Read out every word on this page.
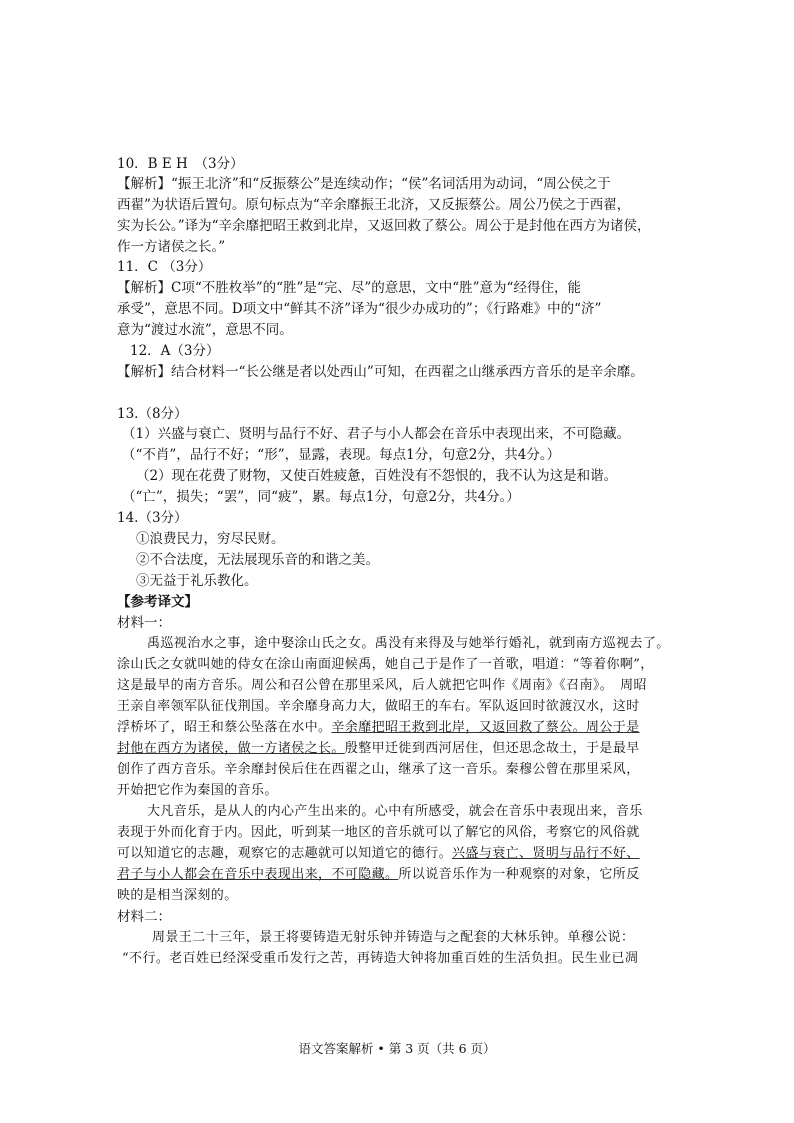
10．B E H　（3分）
【解析】“振王北济”和“反振蔡公”是连续动作；“侯”名词活用为动词，“周公侯之于
西翟”为状语后置句。原句标点为“辛余靡振王北济，又反振蔡公。周公乃侯之于西翟，
实为长公。”译为“辛余靡把昭王救到北岸，又返回救了蔡公。周公于是封他在西方为诸侯，
作一方诸侯之长。”
11．C （3分）
【解析】C项“不胜枚举”的“胜”是“完、尽”的意思，文中“胜”意为“经得住，能
承受”，意思不同。D项文中“鲜其不济”译为“很少办成功的”；《行路难》中的“济”
意为“渡过水流”，意思不同。
12．A（3分）
【解析】结合材料一“长公继是者以处西山”可知，在西翟之山继承西方音乐的是辛余靡。
13.（8分）
（1）兴盛与衰亡、贤明与品行不好、君子与小人都会在音乐中表现出来，不可隐藏。
（“不肖”，品行不好；“形”，显露，表现。每点1分，句意2分，共4分。）
（2）现在花费了财物，又使百姓疲惫，百姓没有不怨恨的，我不认为这是和谐。
（“亡”，损失；“罢”，同“疲”，累。每点1分，句意2分，共4分。）
14.（3分）
①浪费民力，穷尽民财。
②不合法度，无法展现乐音的和谐之美。
③无益于礼乐教化。
【参考译文】
材料一：
禹巡视治水之事，途中娶涂山氏之女。禹没有来得及与她举行婚礼，就到南方巡视去了。
涂山氏之女就叫她的侍女在涂山南面迎候禹，她自己于是作了一首歌，唱道：“等着你啊”，
这是最早的南方音乐。周公和召公曾在那里采风，后人就把它叫作《周南》《召南》。　周昭
王亲自率领军队征伐荆国。辛余靡身高力大，做昭王的车右。军队返回时欲渡汉水，这时
浮桥坏了，昭王和蔡公坠落在水中。辛余靡把昭王救到北岸，又返回救了蔡公。周公于是
封他在西方为诸侯，做一方诸侯之长。殷整甲迁徙到西河居住，但还思念故土，于是最早
创作了西方音乐。辛余靡封侯后住在西翟之山，继承了这一音乐。秦穆公曾在那里采风，
开始把它作为秦国的音乐。
大凡音乐，是从人的内心产生出来的。心中有所感受，就会在音乐中表现出来，音乐
表现于外而化育于内。因此，听到某一地区的音乐就可以了解它的风俗，考察它的风俗就
可以知道它的志趣，观察它的志趣就可以知道它的德行。兴盛与衰亡、贤明与品行不好、
君子与小人都会在音乐中表现出来，不可隐藏。所以说音乐作为一种观察的对象，它所反
映的是相当深刻的。
材料二：
周景王二十三年，景王将要铸造无射乐钟并铸造与之配套的大林乐钟。单穆公说：
“不行。老百姓已经深受重币发行之苦，再铸造大钟将加重百姓的生活负担。民生业已凋
语文答案解析 • 第 3 页（共 6 页）
